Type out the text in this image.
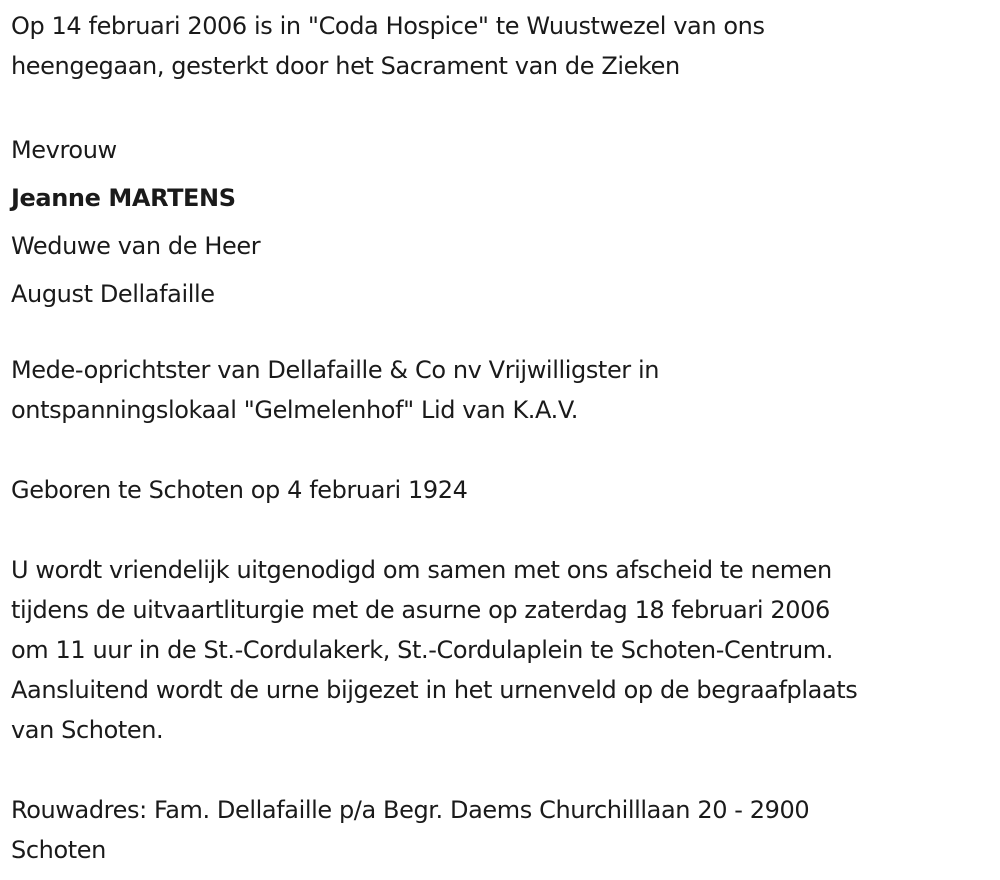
Op 14 februari 2006 is in "Coda Hospice" te Wuustwezel van ons
heengegaan, gesterkt door het Sacrament van de Zieken

Mevrouw
Jeanne MARTENS
Weduwe van de Heer
August Dellafaille

Mede-oprichtster van Dellafaille & Co nv Vrijwilligster in
ontspanningslokaal "Gelmelenhof" Lid van K.A.V.

Geboren te Schoten op 4 februari 1924

U wordt vriendelijk uitgenodigd om samen met ons afscheid te nemen
tijdens de uitvaartliturgie met de asurne op zaterdag 18 februari 2006
om 11 uur in de St.-Cordulakerk, St.-Cordulaplein te Schoten-Centrum.
Aansluitend wordt de urne bijgezet in het urnenveld op de begraafplaats
van Schoten.

Rouwadres: Fam. Dellafaille p/a Begr. Daems Churchilllaan 20 - 2900
Schoten
